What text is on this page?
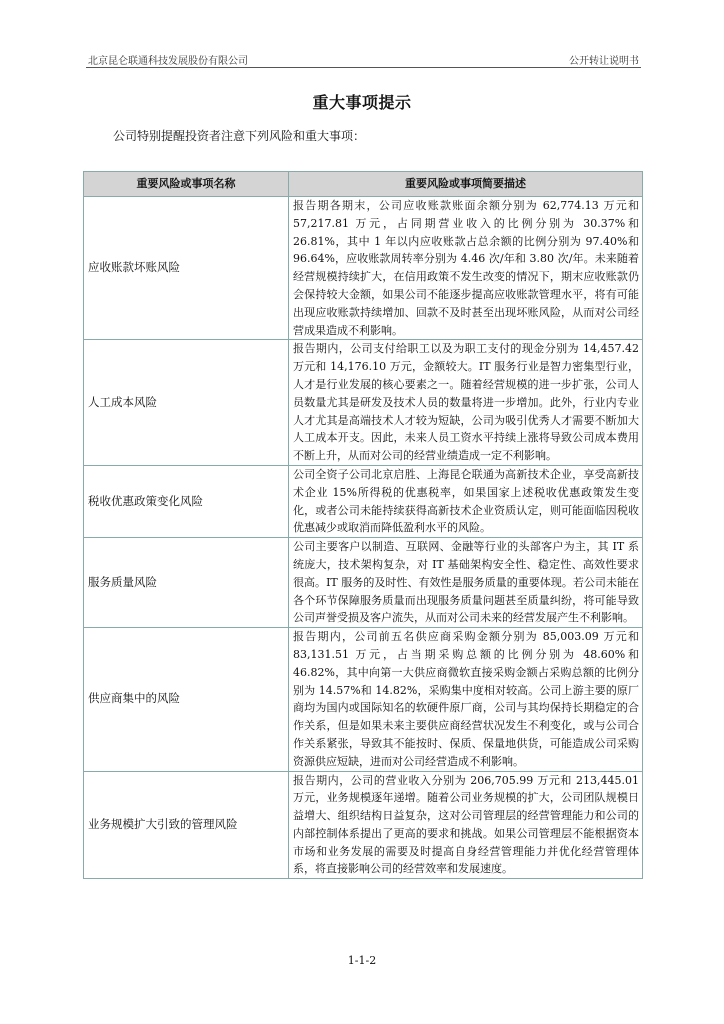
北京昆仑联通科技发展股份有限公司	公开转让说明书
重大事项提示
公司特别提醒投资者注意下列风险和重大事项：
重要风险或事项名称	重要风险或事项简要描述
应收账款坏账风险	报告期各期末，公司应收账款账面余额分别为 62,774.13 万元和 57,217.81 万元，占同期营业收入的比例分别为 30.37%和 26.81%，其中 1 年以内应收账款占总余额的比例分别为 97.40%和 96.64%，应收账款周转率分别为 4.46 次/年和 3.80 次/年。未来随着经营规模持续扩大，在信用政策不发生改变的情况下，期末应收账款仍会保持较大金额，如果公司不能逐步提高应收账款管理水平，将有可能出现应收账款持续增加、回款不及时甚至出现坏账风险，从而对公司经营成果造成不利影响。
人工成本风险	报告期内，公司支付给职工以及为职工支付的现金分别为 14,457.42 万元和 14,176.10 万元，金额较大。IT 服务行业是智力密集型行业，人才是行业发展的核心要素之一。随着经营规模的进一步扩张，公司人员数量尤其是研发及技术人员的数量将进一步增加。此外，行业内专业人才尤其是高端技术人才较为短缺，公司为吸引优秀人才需要不断加大人工成本开支。因此，未来人员工资水平持续上涨将导致公司成本费用不断上升，从而对公司的经营业绩造成一定不利影响。
税收优惠政策变化风险	公司全资子公司北京启胜、上海昆仑联通为高新技术企业，享受高新技术企业 15%所得税的优惠税率，如果国家上述税收优惠政策发生变化，或者公司未能持续获得高新技术企业资质认定，则可能面临因税收优惠减少或取消而降低盈利水平的风险。
服务质量风险	公司主要客户以制造、互联网、金融等行业的头部客户为主，其 IT 系统庞大，技术架构复杂，对 IT 基础架构安全性、稳定性、高效性要求很高。IT 服务的及时性、有效性是服务质量的重要体现。若公司未能在各个环节保障服务质量而出现服务质量问题甚至质量纠纷，将可能导致公司声誉受损及客户流失，从而对公司未来的经营发展产生不利影响。
供应商集中的风险	报告期内，公司前五名供应商采购金额分别为 85,003.09 万元和 83,131.51 万元，占当期采购总额的比例分别为 48.60%和 46.82%，其中向第一大供应商微软直接采购金额占采购总额的比例分别为 14.57%和 14.82%，采购集中度相对较高。公司上游主要的原厂商均为国内或国际知名的软硬件原厂商，公司与其均保持长期稳定的合作关系，但是如果未来主要供应商经营状况发生不利变化，或与公司合作关系紧张，导致其不能按时、保质、保量地供货，可能造成公司采购资源供应短缺，进而对公司经营造成不利影响。
业务规模扩大引致的管理风险	报告期内，公司的营业收入分别为 206,705.99 万元和 213,445.01 万元，业务规模逐年递增。随着公司业务规模的扩大，公司团队规模日益增大、组织结构日益复杂，这对公司管理层的经营管理能力和公司的内部控制体系提出了更高的要求和挑战。如果公司管理层不能根据资本市场和业务发展的需要及时提高自身经营管理能力并优化经营管理体系，将直接影响公司的经营效率和发展速度。
1-1-2
